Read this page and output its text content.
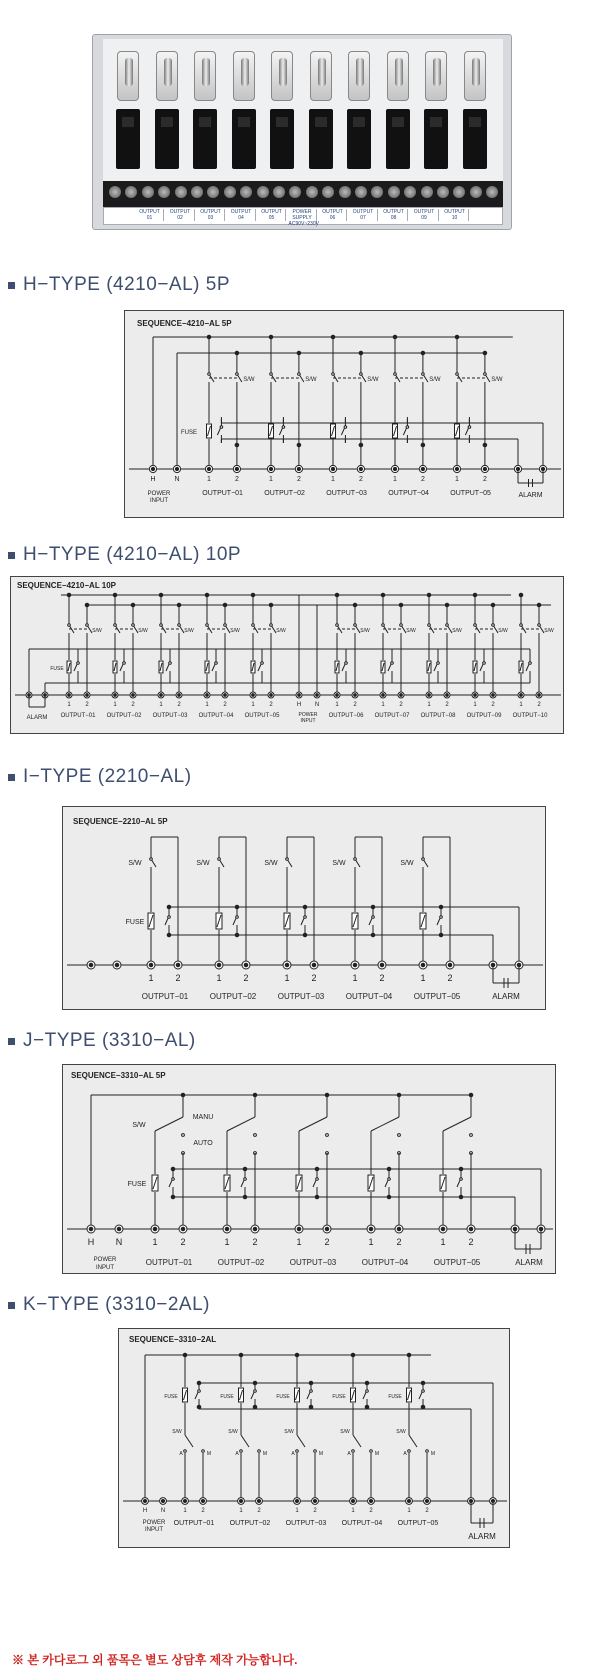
OUTPUT 01
OUTPUT 02
OUTPUT 03
OUTPUT 04
OUTPUT 05
POWER SUPPLY AC90V~230V
OUTPUT 06
OUTPUT 07
OUTPUT 08
OUTPUT 09
OUTPUT 10
H−TYPE (4210−AL) 5P
SEQUENCE−4210−AL 5P
S/W
1	2
OUTPUT−01
FUSE
S/W
1	2
OUTPUT−02
S/W
1	2
OUTPUT−03
S/W
1	2
OUTPUT−04
S/W
1	2
OUTPUT−05
H	N
POWER
INPUT
ALARM
H−TYPE (4210−AL) 10P
SEQUENCE−4210−AL 10P
S/W
1 2
OUTPUT−01
FUSE
S/W
1 2
OUTPUT−02
S/W
1 2
OUTPUT−03
S/W
1 2
OUTPUT−04
S/W
1 2
OUTPUT−05
S/W
1 2
OUTPUT−06
S/W
1 2
OUTPUT−07
S/W
1 2
OUTPUT−08
S/W
1 2
OUTPUT−09
S/W
1 2
OUTPUT−10
ALARM
H N
POWER
INPUT
I−TYPE (2210−AL)
SEQUENCE−2210−AL 5P
S/W
1 2
OUTPUT−01
FUSE
S/W
1 2
OUTPUT−02
S/W
1 2
OUTPUT−03
S/W
1 2
OUTPUT−04
S/W
1 2
OUTPUT−05	ALARM
J−TYPE (3310−AL)
SEQUENCE−3310−AL 5P
1	2
OUTPUT−01
FUSE
S/W
1	2
OUTPUT−02
1	2
OUTPUT−03
1	2
OUTPUT−04
1	2
OUTPUT−05
MANU
AUTO
H N
POWER
INPUT
ALARM
K−TYPE (3310−2AL)
SEQUENCE−3310−2AL
A	M
FUSE
S/W
1 2
OUTPUT−01
A	M
FUSE
S/W
1 2
OUTPUT−02
A	M
FUSE
S/W
1 2
OUTPUT−03
A	M
FUSE
S/W
1 2
OUTPUT−04
A	M
FUSE
S/W
1 2
OUTPUT−05
H N
POWER
INPUT
ALARM
※ 본 카다로그 외 품목은 별도 상담후 제작 가능합니다.
